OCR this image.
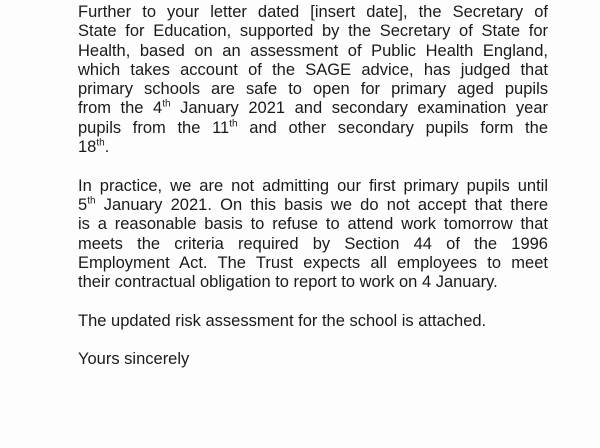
Further to your letter dated [insert date], the Secretary of
State for Education, supported by the Secretary of State for
Health, based on an assessment of Public Health England,
which takes account of the SAGE advice, has judged that
primary schools are safe to open for primary aged pupils
from the 4th January 2021 and secondary examination year
pupils from the 11th and other secondary pupils form the
18th.
In practice, we are not admitting our first primary pupils until
5th January 2021. On this basis we do not accept that there
is a reasonable basis to refuse to attend work tomorrow that
meets the criteria required by Section 44 of the 1996
Employment Act. The Trust expects all employees to meet
their contractual obligation to report to work on 4 January.
The updated risk assessment for the school is attached.
Yours sincerely
